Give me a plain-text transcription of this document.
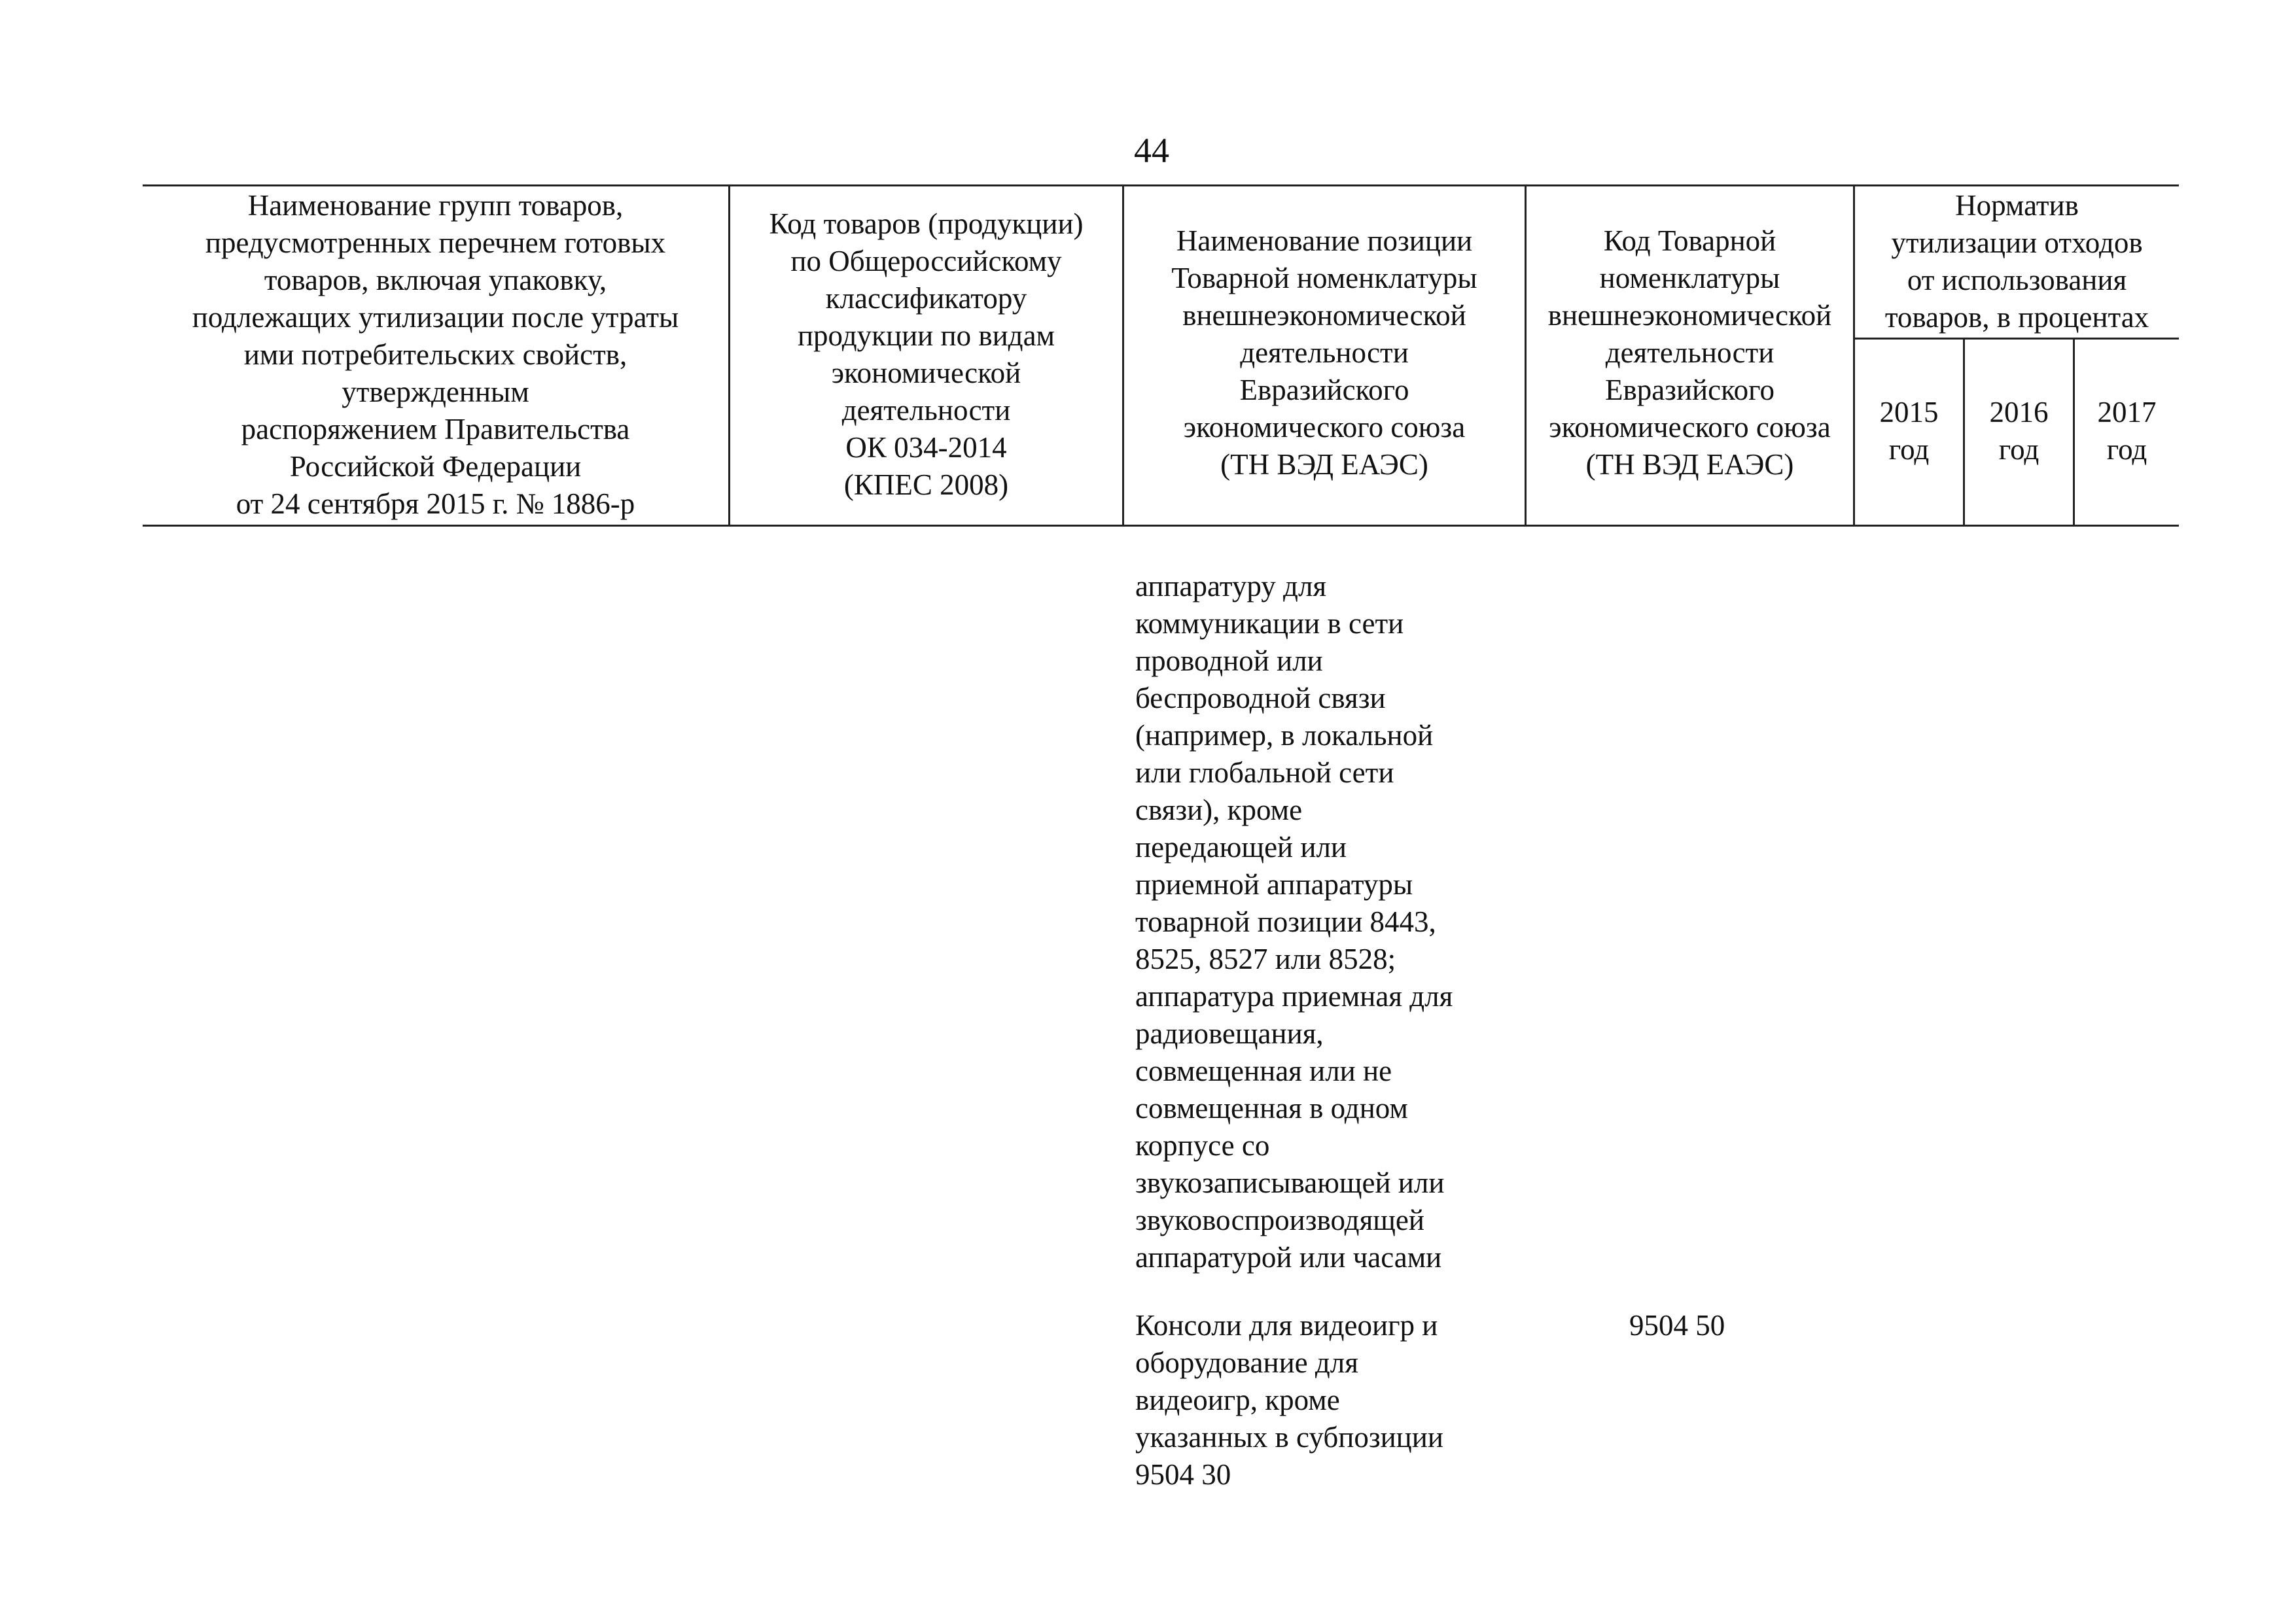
44
Наименование групп товаров,
предусмотренных перечнем готовых
товаров, включая упаковку,
подлежащих утилизации после утраты
ими потребительских свойств,
утвержденным
распоряжением Правительства
Российской Федерации
от 24 сентября 2015 г. № 1886-р
Код товаров (продукции)
по Общероссийскому
классификатору
продукции по видам
экономической
деятельности
ОК 034-2014
(КПЕС 2008)
Наименование позиции
Товарной номенклатуры
внешнеэкономической
деятельности
Евразийского
экономического союза
(ТН ВЭД ЕАЭС)
Код Товарной
номенклатуры
внешнеэкономической
деятельности
Евразийского
экономического союза
(ТН ВЭД ЕАЭС)
Норматив
утилизации отходов
от использования
товаров, в процентах
2015
год
2016
год
2017
год
аппаратуру для
коммуникации в сети
проводной или
беспроводной связи
(например, в локальной
или глобальной сети
связи), кроме
передающей или
приемной аппаратуры
товарной позиции 8443,
8525, 8527 или 8528;
аппаратура приемная для
радиовещания,
совмещенная или не
совмещенная в одном
корпусе со
звукозаписывающей или
звуковоспроизводящей
аппаратурой или часами
Консоли для видеоигр и
оборудование для
видеоигр, кроме
указанных в субпозиции
9504 30
9504 50
